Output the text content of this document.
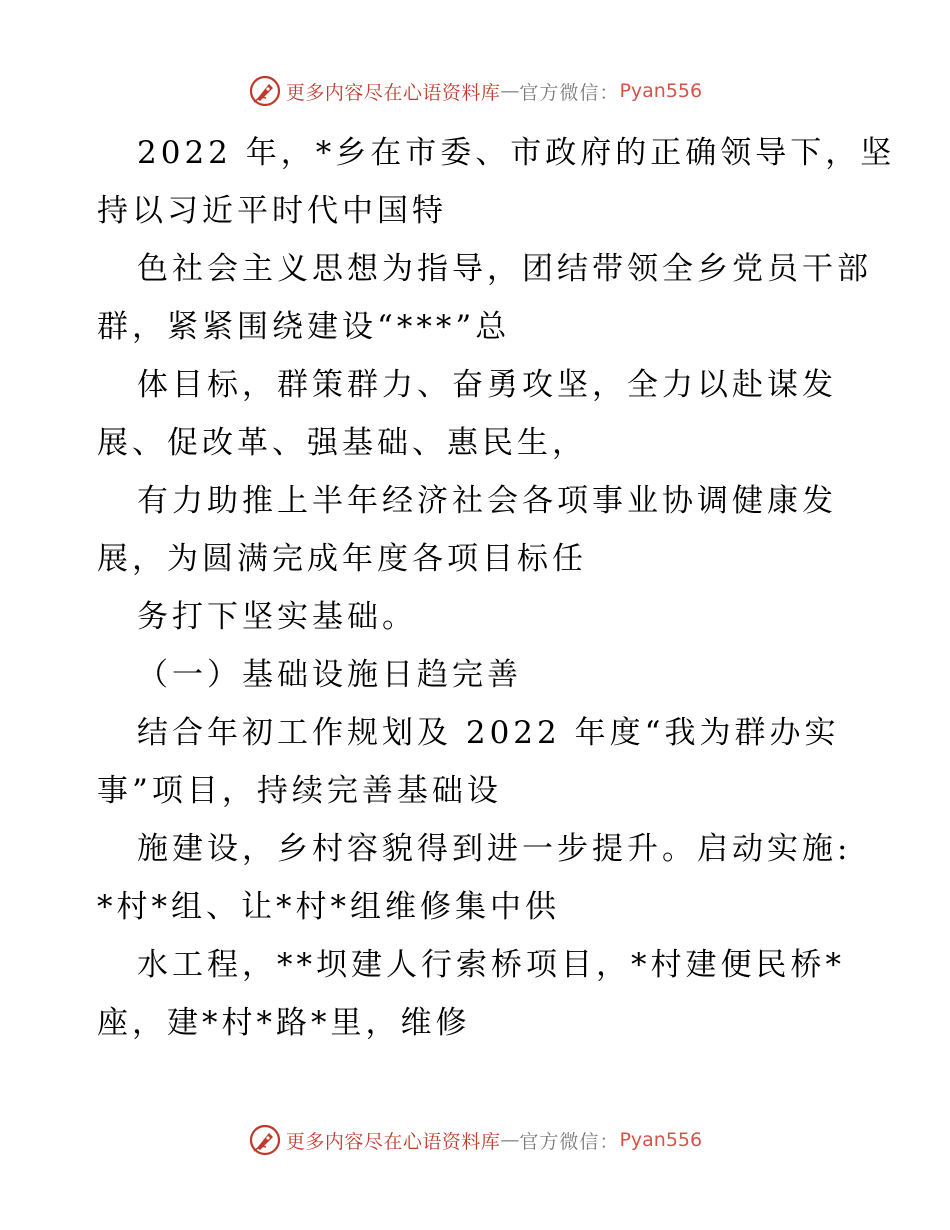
更多内容尽在心语资料库 — 官方微信： Pyan556
2022 年，*乡在市委、市政府的正确领导下，坚
持以习近平时代中国特
色社会主义思想为指导，团结带领全乡党员干部
群，紧紧围绕建设“***”总
体目标，群策群力、奋勇攻坚，全力以赴谋发
展、促改革、强基础、惠民生，
有力助推上半年经济社会各项事业协调健康发
展，为圆满完成年度各项目标任
务打下坚实基础。
（一）基础设施日趋完善
结合年初工作规划及 2022 年度“我为群办实
事”项目，持续完善基础设
施建设，乡村容貌得到进一步提升。启动实施:
*村*组、让*村*组维修集中供
水工程，**坝建人行索桥项目，*村建便民桥*
座，建*村*路*里，维修
更多内容尽在心语资料库 — 官方微信： Pyan556
